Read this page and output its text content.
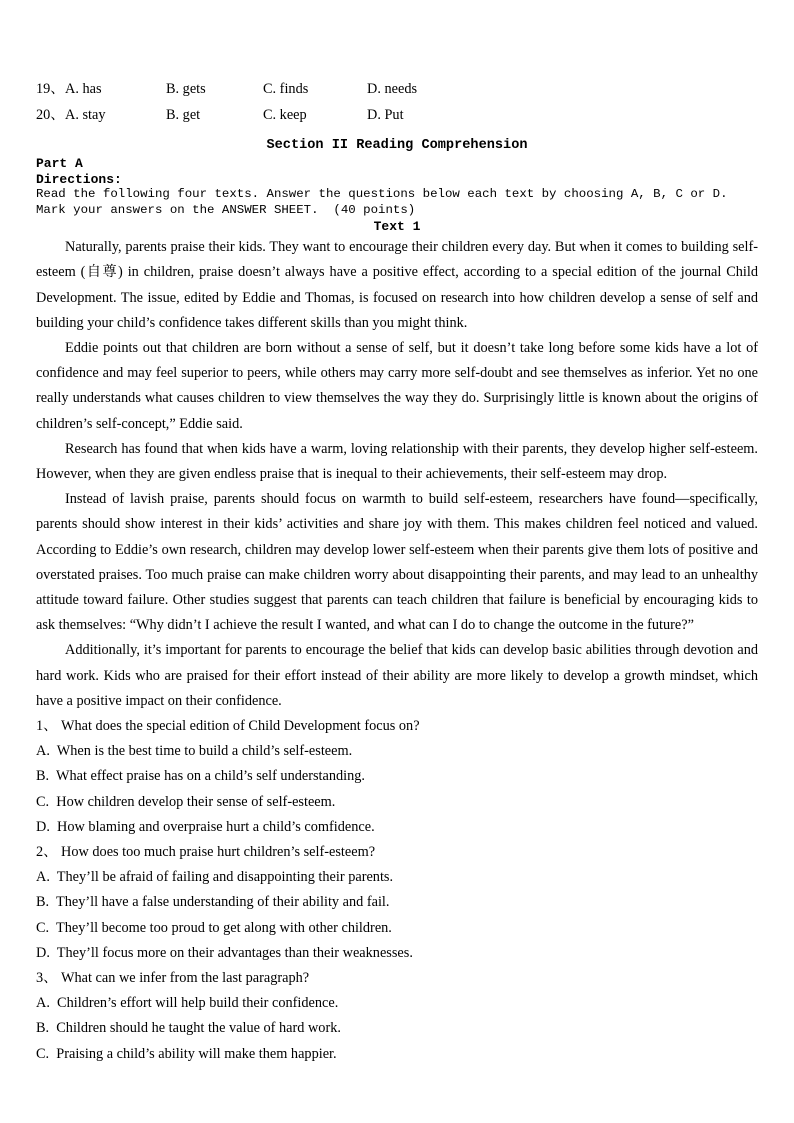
19、 A. has	B. gets	C. finds	D. needs
20、 A. stay	B. get	C. keep	D. Put
Section II Reading Comprehension
Part A
Directions:
Read the following four texts. Answer the questions below each text by choosing A, B, C or D. Mark your answers on the ANSWER SHEET.  (40 points)
Text 1

Naturally, parents praise their kids. They want to encourage their children every day. But when it comes to building self-esteem (自尊) in children, praise doesn’t always have a positive effect, according to a special edition of the journal Child Development. The issue, edited by Eddie and Thomas, is focused on research into how children develop a sense of self and building your child’s confidence takes different skills than you might think.

Eddie points out that children are born without a sense of self, but it doesn’t take long before some kids have a lot of confidence and may feel superior to peers, while others may carry more self-doubt and see themselves as inferior. Yet no one really understands what causes children to view themselves the way they do. Surprisingly little is known about the origins of children’s self-concept,” Eddie said.

Research has found that when kids have a warm, loving relationship with their parents, they develop higher self-esteem. However, when they are given endless praise that is inequal to their achievements, their self-esteem may drop.

Instead of lavish praise, parents should focus on warmth to build self-esteem, researchers have found—specifically, parents should show interest in their kids’ activities and share joy with them. This makes children feel noticed and valued. According to Eddie’s own research, children may develop lower self-esteem when their parents give them lots of positive and overstated praises. Too much praise can make children worry about disappointing their parents, and may lead to an unhealthy attitude toward failure. Other studies suggest that parents can teach children that failure is beneficial by encouraging kids to ask themselves: “Why didn’t I achieve the result I wanted, and what can I do to change the outcome in the future?”

Additionally, it’s important for parents to encourage the belief that kids can develop basic abilities through devotion and hard work. Kids who are praised for their effort instead of their ability are more likely to develop a growth mindset, which have a positive impact on their confidence.

1、 What does the special edition of Child Development focus on?
A.  When is the best time to build a child’s self-esteem.
B.  What effect praise has on a child’s self understanding.
C.  How children develop their sense of self-esteem.
D.  How blaming and overpraise hurt a child’s comfidence.
2、 How does too much praise hurt children’s self-esteem?
A.  They’ll be afraid of failing and disappointing their parents.
B.  They’ll have a false understanding of their ability and fail.
C.  They’ll become too proud to get along with other children.
D.  They’ll focus more on their advantages than their weaknesses.
3、 What can we infer from the last paragraph?
A.  Children’s effort will help build their confidence.
B.  Children should he taught the value of hard work.
C.  Praising a child’s ability will make them happier.
